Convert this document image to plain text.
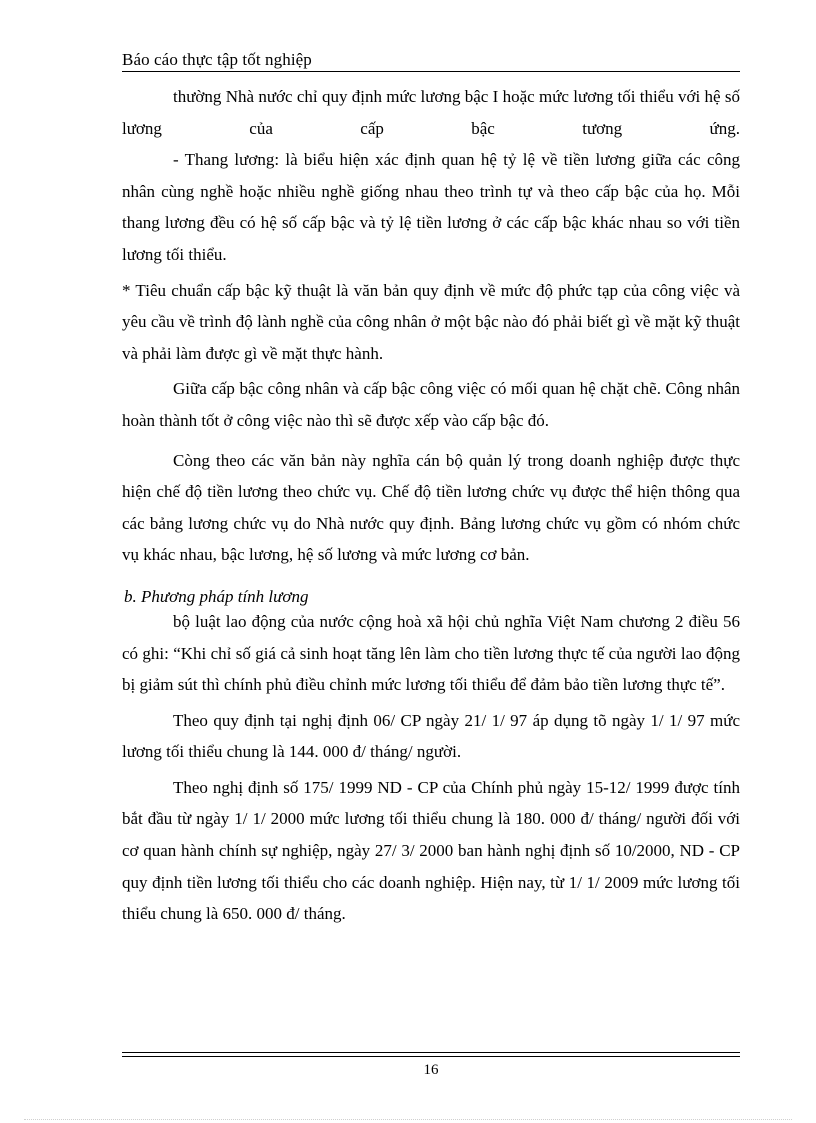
Báo cáo thực tập tốt nghiệp

thường Nhà nước chỉ quy định mức lương bậc I hoặc mức lương tối thiểu với hệ số lương của cấp bậc tương ứng.

- Thang lương: là biểu hiện xác định quan hệ tỷ lệ về tiền lương giữa các công nhân cùng nghề hoặc nhiều nghề giống nhau theo trình tự và theo cấp bậc của họ. Mỗi thang lương đều có hệ số cấp bậc và tỷ lệ tiền lương ở các cấp bậc khác nhau so với tiền lương tối thiểu.

* Tiêu chuẩn cấp bậc kỹ thuật là văn bản quy định về mức độ phức tạp của công việc và yêu cầu về trình độ lành nghề của công nhân ở một bậc nào đó phải biết gì về mặt kỹ thuật và phải làm được gì về mặt thực hành.

Giữa cấp bậc công nhân và cấp bậc công việc có mối quan hệ chặt chẽ. Công nhân hoàn thành tốt ở công việc nào thì sẽ được xếp vào cấp bậc đó.

Còng theo các văn bản này nghĩa cán bộ quản lý trong doanh nghiệp được thực hiện chế độ tiền lương theo chức vụ. Chế độ tiền lương chức vụ được thể hiện thông qua các bảng lương chức vụ do Nhà nước quy định. Bảng lương chức vụ gồm có nhóm chức vụ khác nhau, bậc lương, hệ số lương và mức lương cơ bản.

b. Phương pháp tính lương

bộ luật lao động của nước cộng hoà xã hội chủ nghĩa Việt Nam chương 2 điều 56 có ghi: “Khi chỉ số giá cả sinh hoạt tăng lên làm cho tiền lương thực tế của người lao động bị giảm sút thì chính phủ điều chỉnh mức lương tối thiểu để đảm bảo tiền lương thực tế”.

Theo quy định tại nghị định 06/ CP ngày 21/ 1/ 97 áp dụng tõ ngày 1/ 1/ 97 mức lương tối thiểu chung là 144. 000 đ/ tháng/ người.

Theo nghị định số 175/ 1999 ND - CP của Chính phủ ngày 15-12/ 1999 được tính bắt đầu từ ngày 1/ 1/ 2000 mức lương tối thiểu chung là 180. 000 đ/ tháng/ người đối với cơ quan hành chính sự nghiệp, ngày 27/ 3/ 2000 ban hành nghị định số 10/2000, ND - CP quy định tiền lương tối thiểu cho các doanh nghiệp. Hiện nay, từ 1/ 1/ 2009 mức lương tối thiểu chung là 650. 000 đ/ tháng.

16
